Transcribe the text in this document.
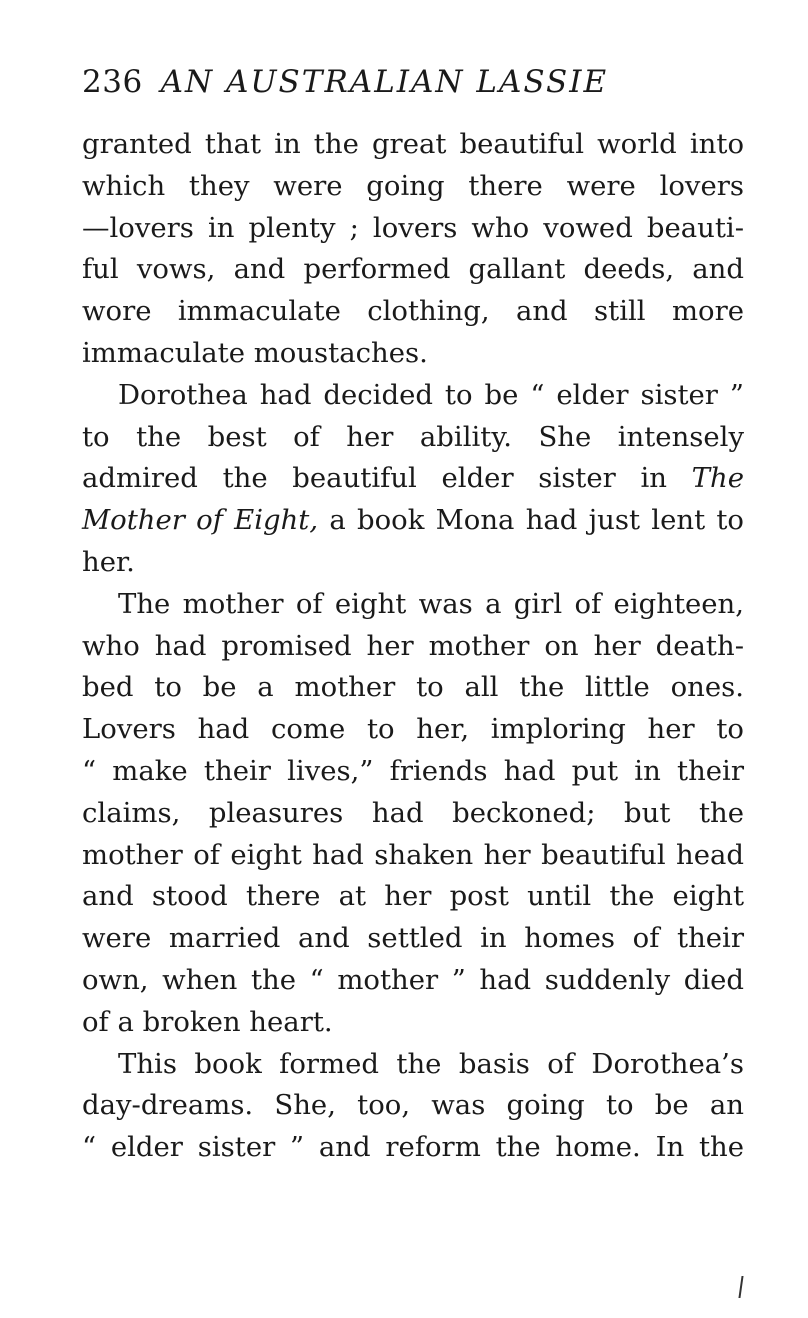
236 AN AUSTRALIAN LASSIE
granted that in the great beautiful world into
which they were going there were lovers
—lovers in plenty ; lovers who vowed beauti-
ful vows, and performed gallant deeds, and
wore immaculate clothing, and still more
immaculate moustaches.
Dorothea had decided to be “ elder sister ”
to the best of her ability. She intensely
admired the beautiful elder sister in The
Mother of Eight, a book Mona had just lent to
her.
The mother of eight was a girl of eighteen,
who had promised her mother on her death-
bed to be a mother to all the little ones.
Lovers had come to her, imploring her to
“ make their lives,” friends had put in their
claims, pleasures had beckoned; but the
mother of eight had shaken her beautiful head
and stood there at her post until the eight
were married and settled in homes of their
own, when the “ mother ” had suddenly died
of a broken heart.
This book formed the basis of Dorothea’s
day-dreams. She, too, was going to be an
“ elder sister ” and reform the home. In the
